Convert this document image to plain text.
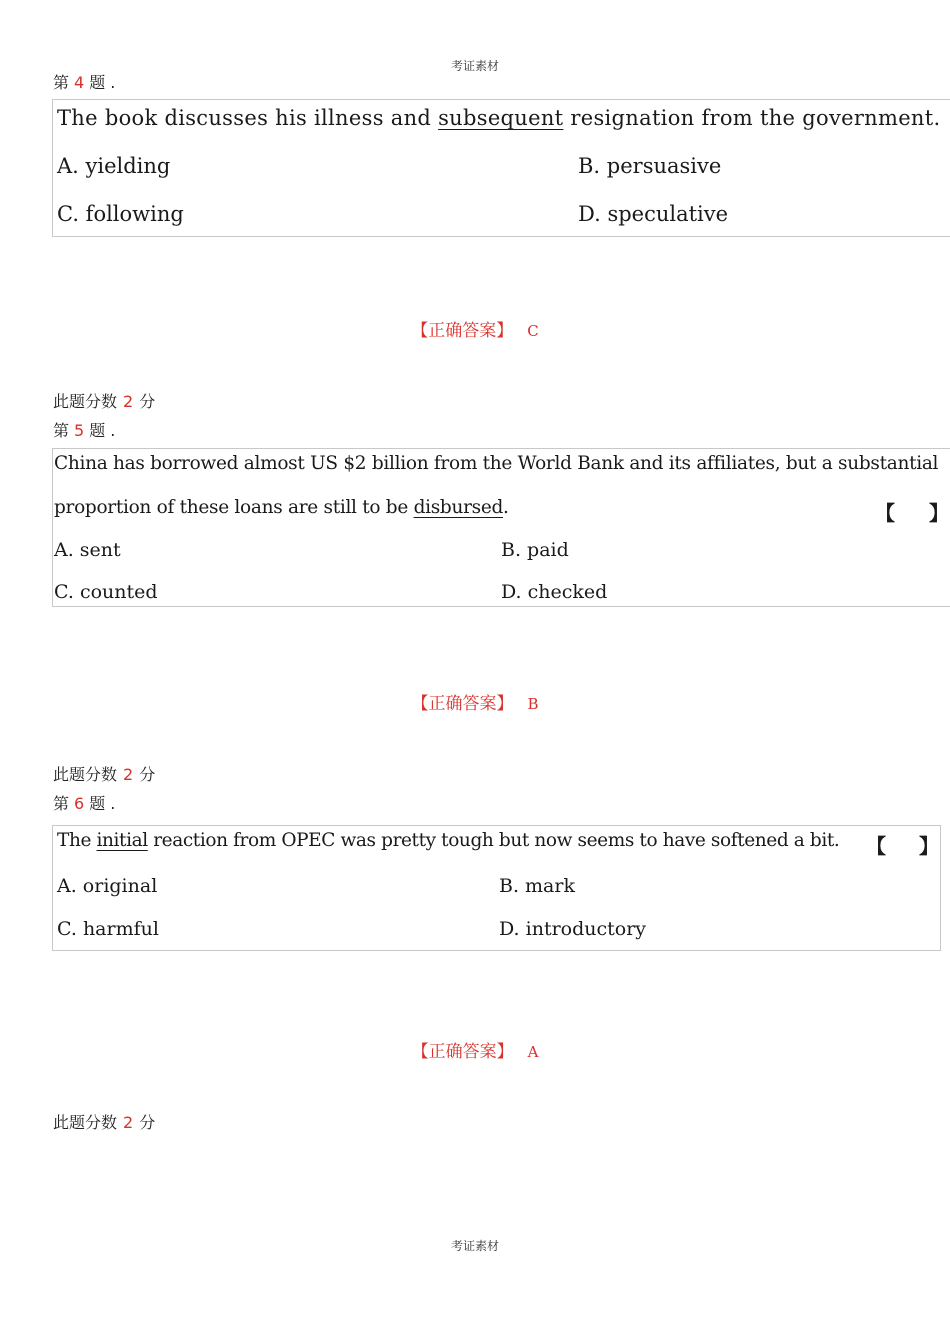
考证素材
第 4 题 .
The book discusses his illness and subsequent resignation from the government.
A. yielding	B. persuasive
C. following	D. speculative
【正确答案】 C
此题分数 2 分
第 5 题 .
China has borrowed almost US $2 billion from the World Bank and its affiliates, but a substantial
proportion of these loans are still to be disbursed.	【 】
A. sent	B. paid
C. counted	D. checked
【正确答案】 B
此题分数 2 分
第 6 题 .
The initial reaction from OPEC was pretty tough but now seems to have softened a bit. 【 】
A. original	B. mark
C. harmful	D. introductory
【正确答案】 A
此题分数 2 分
考证素材
